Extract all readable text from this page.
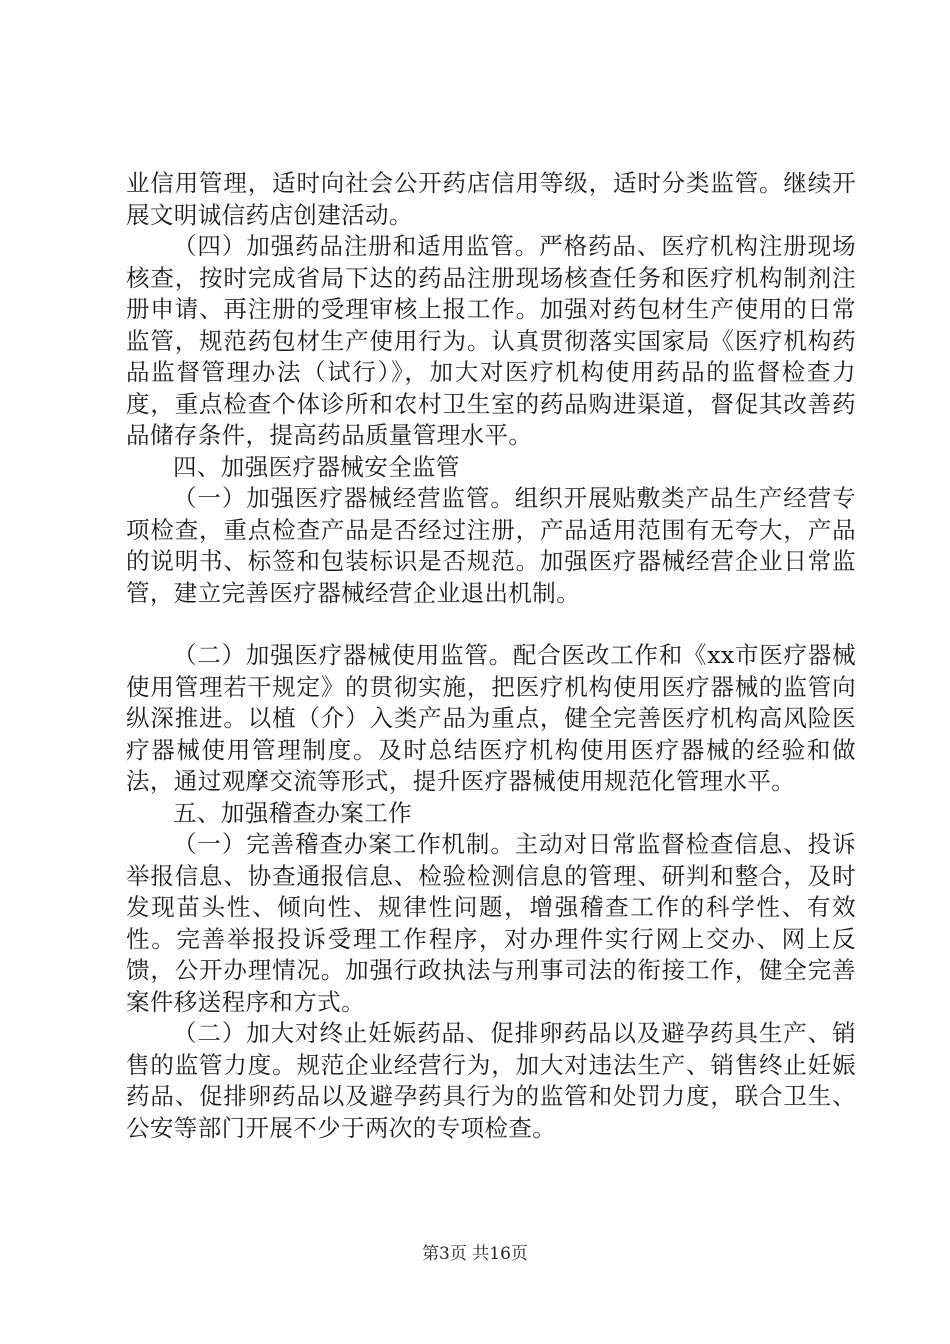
业信用管理，适时向社会公开药店信用等级，适时分类监管。继续开展文明诚信药店创建活动。

（四）加强药品注册和适用监管。严格药品、医疗机构注册现场核查，按时完成省局下达的药品注册现场核查任务和医疗机构制剂注册申请、再注册的受理审核上报工作。加强对药包材生产使用的日常监管，规范药包材生产使用行为。认真贯彻落实国家局《医疗机构药品监督管理办法（试行）》，加大对医疗机构使用药品的监督检查力度，重点检查个体诊所和农村卫生室的药品购进渠道，督促其改善药品储存条件，提高药品质量管理水平。

四、加强医疗器械安全监管

（一）加强医疗器械经营监管。组织开展贴敷类产品生产经营专项检查，重点检查产品是否经过注册，产品适用范围有无夸大，产品的说明书、标签和包装标识是否规范。加强医疗器械经营企业日常监管，建立完善医疗器械经营企业退出机制。

（二）加强医疗器械使用监管。配合医改工作和《xx市医疗器械使用管理若干规定》的贯彻实施，把医疗机构使用医疗器械的监管向纵深推进。以植（介）入类产品为重点，健全完善医疗机构高风险医疗器械使用管理制度。及时总结医疗机构使用医疗器械的经验和做法，通过观摩交流等形式，提升医疗器械使用规范化管理水平。

五、加强稽查办案工作

（一）完善稽查办案工作机制。主动对日常监督检查信息、投诉举报信息、协查通报信息、检验检测信息的管理、研判和整合，及时发现苗头性、倾向性、规律性问题，增强稽查工作的科学性、有效性。完善举报投诉受理工作程序，对办理件实行网上交办、网上反馈，公开办理情况。加强行政执法与刑事司法的衔接工作，健全完善案件移送程序和方式。

（二）加大对终止妊娠药品、促排卵药品以及避孕药具生产、销售的监管力度。规范企业经营行为，加大对违法生产、销售终止妊娠药品、促排卵药品以及避孕药具行为的监管和处罚力度，联合卫生、公安等部门开展不少于两次的专项检查。

第3页 共16页
